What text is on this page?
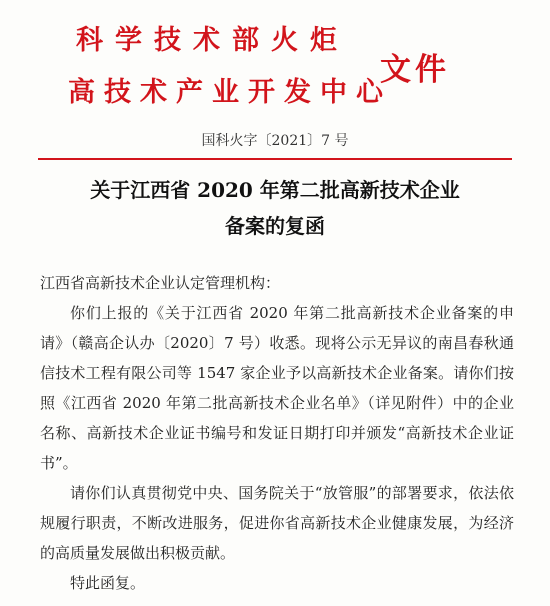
科学技术部火炬
高技术产业开发中心
文件
国科火字〔2021〕7 号
关于江西省 2020 年第二批高新技术企业
备案的复函

江西省高新技术企业认定管理机构：

你们上报的《关于江西省 2020 年第二批高新技术企业备案的申请》（赣高企认办〔2020〕7 号）收悉。现将公示无异议的南昌春秋通信技术工程有限公司等 1547 家企业予以高新技术企业备案。请你们按照《江西省 2020 年第二批高新技术企业名单》（详见附件）中的企业名称、高新技术企业证书编号和发证日期打印并颁发“高新技术企业证书”。

请你们认真贯彻党中央、国务院关于“放管服”的部署要求，依法依规履行职责，不断改进服务，促进你省高新技术企业健康发展，为经济的高质量发展做出积极贡献。

特此函复。
